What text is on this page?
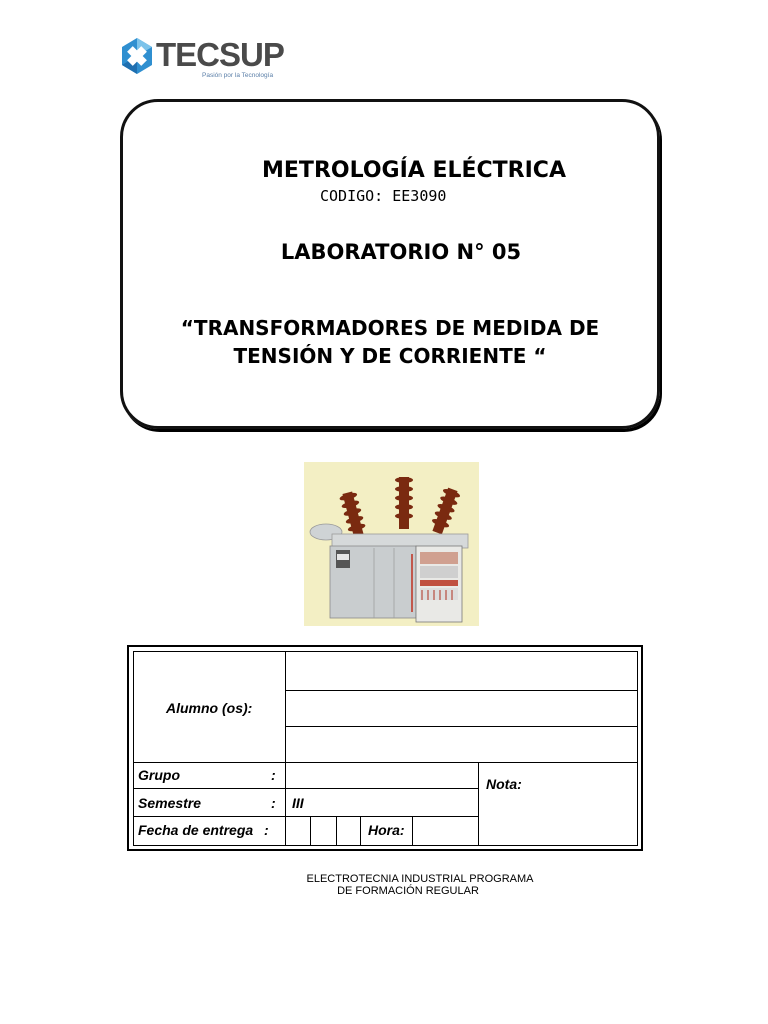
TECSUP
Pasión por la Tecnología
METROLOGÍA ELÉCTRICA
CODIGO: EE3090
LABORATORIO N° 05
“TRANSFORMADORES DE MEDIDA DE
TENSIÓN Y DE CORRIENTE “
Alumno (os):
Grupo	:
Semestre	: III
Fecha de entrega :	Hora:
Nota:
ELECTROTECNIA INDUSTRIAL PROGRAMA
DE FORMACIÓN REGULAR
